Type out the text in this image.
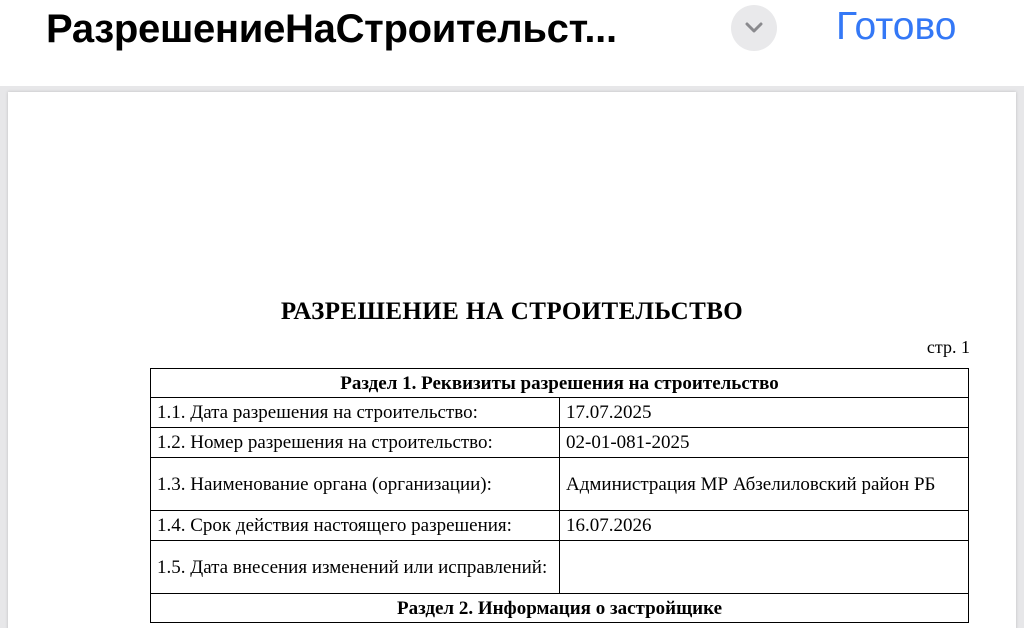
РазрешениеНаСтроительст...	Готово
РАЗРЕШЕНИЕ НА СТРОИТЕЛЬСТВО
стр. 1
Раздел 1. Реквизиты разрешения на строительство	
1.1. Дата разрешения на строительство:	17.07.2025
1.2. Номер разрешения на строительство:	02-01-081-2025
1.3. Наименование органа (организации):	Администрация МР Абзелиловский район РБ
1.4. Срок действия настоящего разрешения:	16.07.2026
1.5. Дата внесения изменений или исправлений:	
Раздел 2. Информация о застройщике	
